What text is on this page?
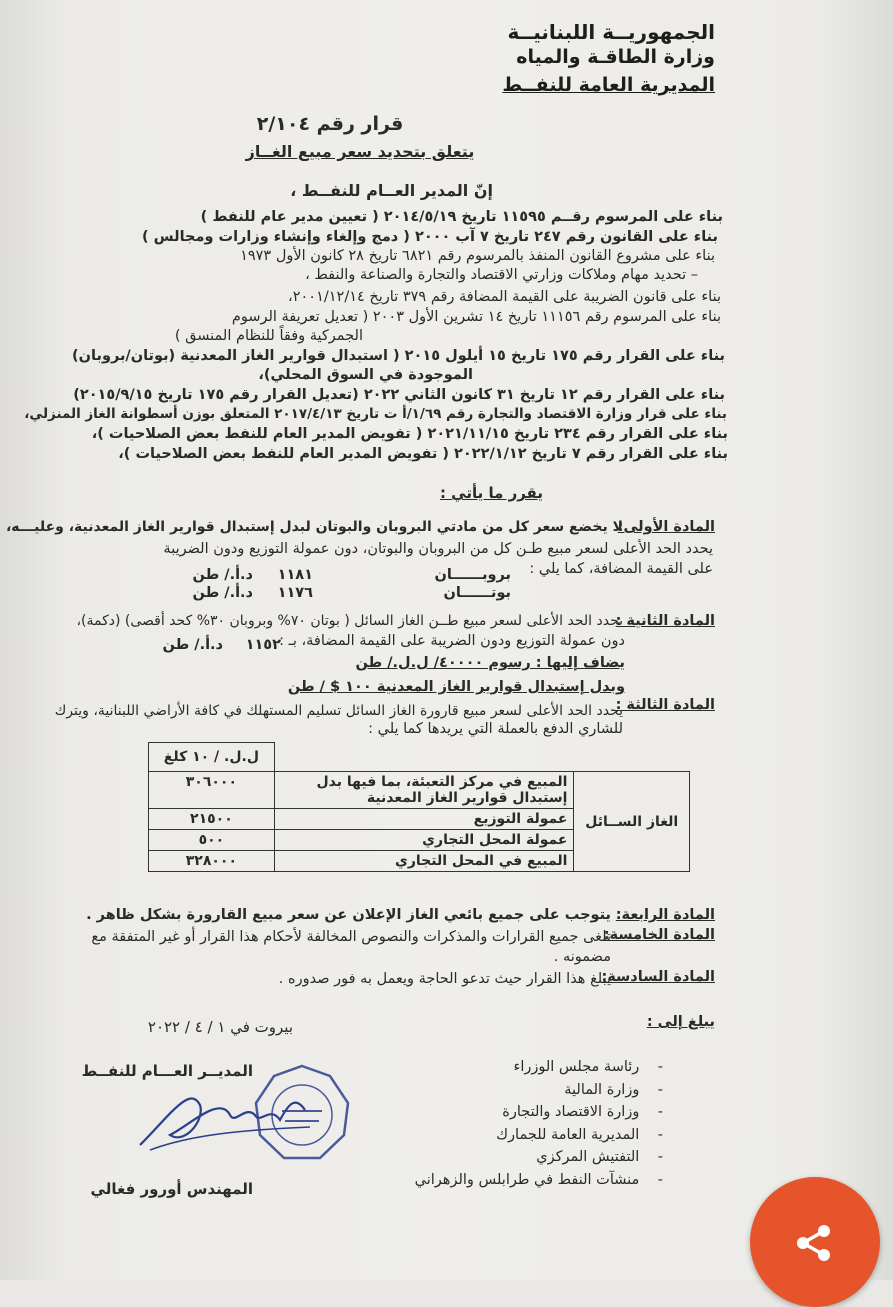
الجمهوريــة اللبنانيــة
وزارة الطاقـة والمياه
المديرية العامة للنفــط
قرار رقم ٢/١٠٤
يتعلق بتحديد سعر مبيع الغــاز
إنّ المدير العــام للنفــط ،
بناء على المرسوم رقــم ١١٥٩٥ تاريخ ٢٠١٤/٥/١٩ ( تعيين مدير عام للنفط )
بناء على القانون رقم ٢٤٧ تاريخ ٧ آب ٢٠٠٠ ( دمج وإلغاء وإنشاء وزارات ومجالس )
بناء على مشروع القانون المنفذ بالمرسوم رقم ٦٨٢١ تاريخ ٢٨ كانون الأول ١٩٧٣
– تحديد مهام وملاكات وزارتي الاقتصاد والتجارة والصناعة والنفط ،
بناء على قانون الضريبة على القيمة المضافة رقم ٣٧٩ تاريخ ٢٠٠١/١٢/١٤،
بناء على المرسوم رقم ١١١٥٦ تاريخ ١٤ تشرين الأول ٢٠٠٣ ( تعديل تعريفة الرسوم
الجمركية وفقاً للنظام المنسق )
بناء على القرار رقم ١٧٥ تاريخ ١٥ أيلول ٢٠١٥ ( استبدال قوارير الغاز المعدنية (بوتان/بروبان)
الموجودة في السوق المحلي)،
بناء على القرار رقم ١٢ تاريخ ٣١ كانون الثاني ٢٠٢٢ (تعديل القرار رقم ١٧٥ تاريخ ٢٠١٥/٩/١٥)
بناء على قرار وزارة الاقتصاد والتجارة رقم ١/٦٩/أ ت تاريخ ٢٠١٧/٤/١٣ المتعلق بوزن أسطوانة الغاز المنزلي،
بناء على القرار رقم ٢٣٤ تاريخ ٢٠٢١/١١/١٥ ( تفويض المدير العام للنفط بعض الصلاحيات )،
بناء على القرار رقم ٧ تاريخ ٢٠٢٢/١/١٢ ( تفويض المدير العام للنفط بعض الصلاحيات )،
يقرر ما يأتي :
المادة الأولى:
لا يخضع سعر كل من مادتي البروبان والبوتان لبدل إستبدال قوارير الغاز المعدنية، وعليـــه،
يحدد الحد الأعلى لسعر مبيع طـن كل من البروبان والبوتان، دون عمولة التوزيع ودون الضريبة
على القيمة المضافة، كما يلي :
بروبــــــان
١١٨١
د.أ./ طن
بوتــــــان
١١٧٦
د.أ./ طن
المادة الثانية :
يحدد الحد الأعلى لسعر مبيع طــن الغاز السائل ( بوتان ٧٠% وبروبان ٣٠% كحد أقصى) (دكمة)،
دون عمولة التوزيع ودون الضريبة على القيمة المضافة، بـ :
١١٥٢
د.أ./ طن
يضاف إليها : رسوم ٤٠٠٠٠/ ل.ل./ طن
وبدل إستبدال قوارير الغاز المعدنية ١٠٠ $ / طن
المادة الثالثة :
يحدد الحد الأعلى لسعر مبيع قارورة الغاز السائل تسليم المستهلك في كافة الأراضي اللبنانية، ويترك
للشاري الدفع بالعملة التي يريدها كما يلي :
		ل.ل. / ١٠ كلغ
الغاز الســائل	المبيع في مركز التعبئة، بما فيها بدل إستبدال قوارير الغاز المعدنية	٣٠٦٠٠٠
	عمولة التوزيع	٢١٥٠٠
	عمولة المحل التجاري	٥٠٠
	المبيع في المحل التجاري	٣٢٨٠٠٠
المادة الرابعة:
يتوجب على جميع بائعي الغاز الإعلان عن سعر مبيع القارورة بشكل ظاهر .
المادة الخامسة:
تلغى جميع القرارات والمذكرات والنصوص المخالفة لأحكام هذا القرار أو غير المتفقة مع
مضمونه .
المادة السادسة:
يبلغ هذا القرار حيث تدعو الحاجة ويعمل به فور صدوره .
بيروت في ١ / ٤ / ٢٠٢٢	يبلغ إلى :
-    رئاسة مجلس الوزراء
-    وزارة المالية
-    وزارة الاقتصاد والتجارة
-    المديرية العامة للجمارك
-    التفتيش المركزي
-    منشآت النفط في طرابلس والزهراني
المديــر العـــام للنفــط
المهندس أورور فغالي
